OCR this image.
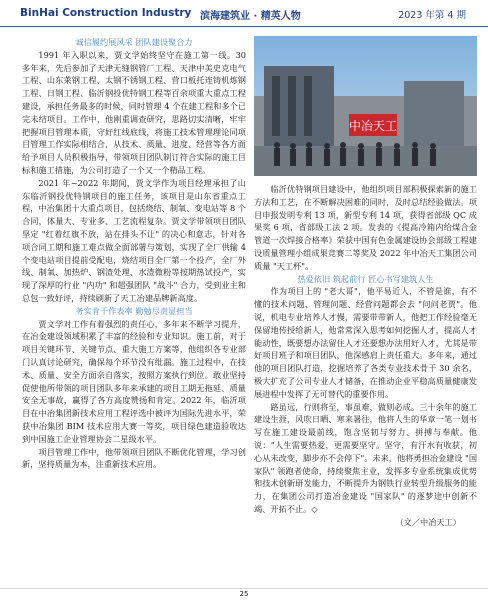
BinHai Construction Industry 滨海建筑业 · 精英人物	2023 年第 4 期

诚信履约展风采 团队建设聚合力

1991 年入职以来，贾文学始终坚守在施工第一线。30 多年来，先后参加了天津无缝钢管厂工程、天津中美史克电气工程、山东莱钢工程、太钢不锈钢工程、营口板托连铸机炼钢工程、日钢工程、临沂钢投优特钢工程等百余项重大重点工程建设，承担任务最多的时候，同时管理 4 个在建工程和多个已完未结项目。工作中，他刚重调查研究，思路切实清晰，牢牢把握项目管理本质，守好红线底线，将施工技术管理理论同项目管理工作实际相结合，从技术、质量、进度、经营等各方面给予项目人员积极指导，带领项目团队制订符合实际的施工目标和施工措施，为公司打造了一个又一个精品工程。

2021 年~2022 年期间，贾文学作为项目经理承担了山东临沂钢投优特钢项目的施工任务，该项目是山东省重点工程，中冶集团十大重点项目，包括烧结、制氧、变电站等 8 个合同，体量大、专业多、工艺流程复杂。贾文学带领项目团队坚定 "红着红旗不放，站在排头不让" 的决心和意志，针对各项合同工期和施工难点做全面部署与策划，实现了全厂供输 4 个变电站项目提前受配电，烧结项目全厂第一个投产，全厂外线、制氧、加热炉、钢渣处理、水渣微粉等按期热试投产，实现了深厚的行业 "内功" 和超强团队 "战斗" 合力，受到业主和总包一致好评，持续刷新了天工冶建品牌新高度。

务实肯干作表率 勤勉尽责显担当

贾文学对工作有着强烈的责任心，多年来不断学习提升，在冶金建设领域积累了丰富的经验和专业知识。施工前，对于项目关键环节、关键节点、重大施工方案等，他组织各专业部门认真讨论研究，确保每个环节没有纰漏。施工过程中，在技术、质量、安全方面亲自落实，按照方案执行到位。敢业坚持促使他所带领的项目团队多年来承建的项目工期无拖延、质量安全无事故，赢得了各方高度赞扬和肯定。2022 年，临沂项目在中冶集团新技术应用工程评选中被评为国际先进水平，荣获中冶集团 BIM 技术应用大赛一等奖，项目绿色建造验收达到中国施工企业管理协会二星级水平。

项目管理工作中，他带领项目团队不断优化管理，学习创新，坚持质量为本，注重新技术应用。

中冶天工

临沂优特钢项目建设中，他组织项目部积极探索新的施工方法和工艺，在不断解决困难的同时，及时总结经验做法。项目申报发明专利 13 项，新型专利 14 项，获得省部级 QC 成果奖 6 项，省部级工法 2 项。发表的《提高冷箱内给煤合金管道一次焊接合格率》荣获中国有色金属建设协会部级工程建设质量管理小组成果竞赛二等奖及 2022 年中冶天工集团公司质量 "天工杯"。

热爱依旧 筑起前行 匠心书写建筑人生

作为项目上的 "老大哥"，他平易近人，不管是谁，有不懂的技术问题、管理问题、经营问题都会去 "问问老贾"。他说，机电专业培养人才慢，需要带带新人，他把工作经验毫无保留地传授给新人，他常常深入思考如何挖掘人才，提高人才能动性，既要想办法留住人才还要想办法用好人才，尤其是带好项目班子和项目团队，他深感肩上责任重大。多年来，通过他的项目团队打造，挖掘培养了各类专业技术骨干 30 余名，极大扩充了公司专业人才储备，在推动企业平稳高质量健康发展进程中发挥了无可替代的重要作用。

路虽远，行则将至，事虽难，做则必成。三十余年的施工建设生涯，风吹日晒、寒来暑往，他将人生的华章一笔一划书写在施工建设最前线，饱含坚韧与努力、拼搏与奉献。他说："人生需要热爱，更需要坚守。坚守，有汗水有收获，初心从未改变，脚步亦不会停下"。未来，他将勇担冶金建设 "国家队" 领跑者使命，持续聚焦主业，发挥多专业系统集成优势和技术创新研发能力，不断提升为钢铁行业转型升级服务的能力，在集团公司打造冶金建设 "国家队" 的逐梦途中创新不竭、开拓不止。◇

（文／中冶天工）

25
